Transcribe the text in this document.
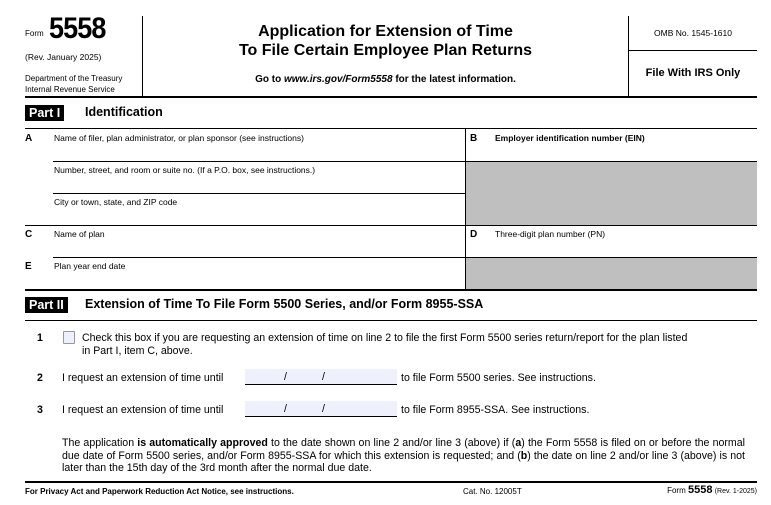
Form 5558
(Rev. January 2025)
Department of the Treasury
Internal Revenue Service
Application for Extension of Time
To File Certain Employee Plan Returns
Go to www.irs.gov/Form5558 for the latest information.
OMB No. 1545-1610
File With IRS Only
Part I	Identification
A	Name of filer, plan administrator, or plan sponsor (see instructions)
Number, street, and room or suite no. (If a P.O. box, see instructions.)
City or town, state, and ZIP code
B Employer identification number (EIN)
C	Name of plan	D Three-digit plan number (PN)
E	Plan year end date
Part II	Extension of Time To File Form 5500 Series, and/or Form 8955-SSA
1	Check this box if you are requesting an extension of time on line 2 to file the first Form 5500 series return/report for the plan listed
in Part I, item C, above.
2 I request an extension of time until	/	/	to file Form 5500 series. See instructions.
3 I request an extension of time until	/	/	to file Form 8955-SSA. See instructions.
The application is automatically approved to the date shown on line 2 and/or line 3 (above) if (a) the Form 5558 is filed on or before the normal due date of Form 5500 series, and/or Form 8955-SSA for which this extension is requested; and (b) the date on line 2 and/or line 3 (above) is not later than the 15th day of the 3rd month after the normal due date.
For Privacy Act and Paperwork Reduction Act Notice, see instructions.	Cat. No. 12005T	Form 5558 (Rev. 1-2025)
